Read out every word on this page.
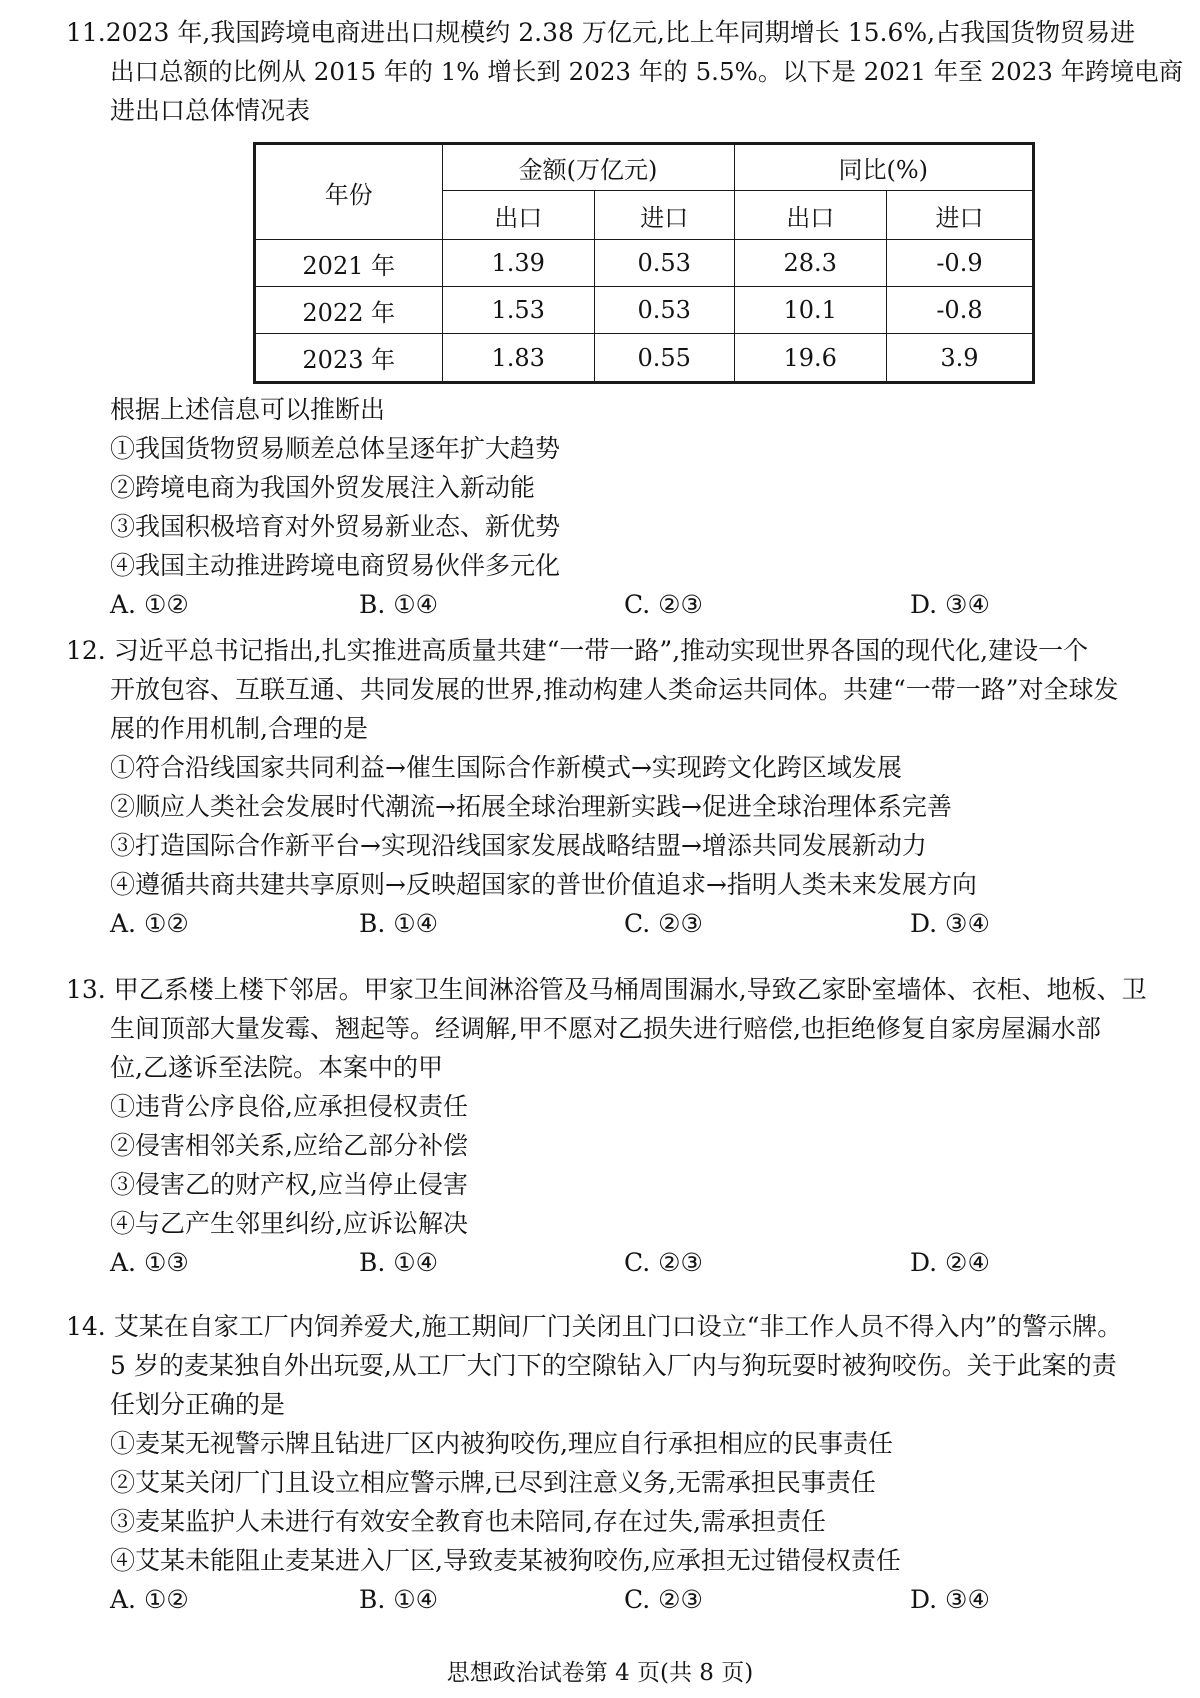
11.2023 年,我国跨境电商进出口规模约 2.38 万亿元,比上年同期增长 15.6%,占我国货物贸易进
出口总额的比例从 2015 年的 1% 增长到 2023 年的 5.5%。以下是 2021 年至 2023 年跨境电商
进出口总体情况表
年份	金额(万亿元)		同比(%)	
	出口	进口	出口	进口
2021 年	1.39	0.53	28.3	-0.9
2022 年	1.53	0.53	10.1	-0.8
2023 年	1.83	0.55	19.6	3.9
根据上述信息可以推断出
①我国货物贸易顺差总体呈逐年扩大趋势
②跨境电商为我国外贸发展注入新动能
③我国积极培育对外贸易新业态、新优势
④我国主动推进跨境电商贸易伙伴多元化
A. ①②	B. ①④	C. ②③	D. ③④
12. 习近平总书记指出,扎实推进高质量共建“一带一路”,推动实现世界各国的现代化,建设一个
开放包容、互联互通、共同发展的世界,推动构建人类命运共同体。共建“一带一路”对全球发
展的作用机制,合理的是
①符合沿线国家共同利益→催生国际合作新模式→实现跨文化跨区域发展
②顺应人类社会发展时代潮流→拓展全球治理新实践→促进全球治理体系完善
③打造国际合作新平台→实现沿线国家发展战略结盟→增添共同发展新动力
④遵循共商共建共享原则→反映超国家的普世价值追求→指明人类未来发展方向
A. ①②	B. ①④	C. ②③	D. ③④
13. 甲乙系楼上楼下邻居。甲家卫生间淋浴管及马桶周围漏水,导致乙家卧室墙体、衣柜、地板、卫
生间顶部大量发霉、翘起等。经调解,甲不愿对乙损失进行赔偿,也拒绝修复自家房屋漏水部
位,乙遂诉至法院。本案中的甲
①违背公序良俗,应承担侵权责任
②侵害相邻关系,应给乙部分补偿
③侵害乙的财产权,应当停止侵害
④与乙产生邻里纠纷,应诉讼解决
A. ①③	B. ①④	C. ②③	D. ②④
14. 艾某在自家工厂内饲养爱犬,施工期间厂门关闭且门口设立“非工作人员不得入内”的警示牌。
5 岁的麦某独自外出玩耍,从工厂大门下的空隙钻入厂内与狗玩耍时被狗咬伤。关于此案的责
任划分正确的是
①麦某无视警示牌且钻进厂区内被狗咬伤,理应自行承担相应的民事责任
②艾某关闭厂门且设立相应警示牌,已尽到注意义务,无需承担民事责任
③麦某监护人未进行有效安全教育也未陪同,存在过失,需承担责任
④艾某未能阻止麦某进入厂区,导致麦某被狗咬伤,应承担无过错侵权责任
A. ①②	B. ①④	C. ②③	D. ③④
思想政治试卷第 4 页(共 8 页)
